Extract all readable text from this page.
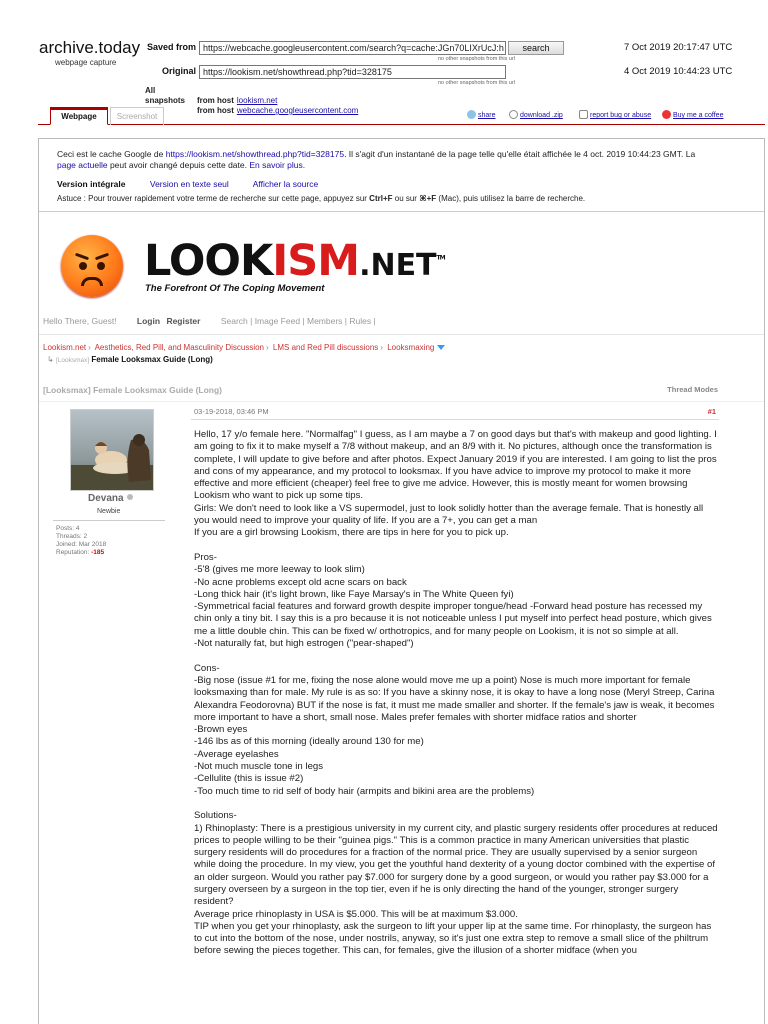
archive.today
webpage capture
Saved from https://webcache.googleusercontent.com/search?q=cache:JGn70LIXrUcJ:h
no other snapshots from this url
search	7 Oct 2019 20:17:47 UTC
Original https://lookism.net/showthread.php?tid=328175
no other snapshots from this url
4 Oct 2019 10:44:23 UTC
All snapshots from host lookism.net
from host webcache.googleusercontent.com
Webpage	Screenshot	share	download .zip	report bug or abuse	Buy me a coffee
Ceci est le cache Google de https://lookism.net/showthread.php?tid=328175. Il s'agit d'un instantané de la page telle qu'elle était affichée le 4 oct. 2019 10:44:23 GMT. La page actuelle peut avoir changé depuis cette date. En savoir plus.
Version intégrale	Version en texte seul	Afficher la source
Astuce : Pour trouver rapidement votre terme de recherche sur cette page, appuyez sur Ctrl+F ou sur ⌘+F (Mac), puis utilisez la barre de recherche.
LOOKISM.NET™
The Forefront Of The Coping Movement
Hello There, Guest! Login Register Search | Image Feed | Members | Rules |
Lookism.net › Aesthetics, Red Pill, and Masculinity Discussion › LMS and Red Pill discussions › Looksmaxing
↳ [Looksmax] Female Looksmax Guide (Long)
[Looksmax] Female Looksmax Guide (Long)	Thread Modes
Devana
Newbie
Posts: 4
Threads: 2
Joined: Mar 2018
Reputation: -185
03-19-2018, 03:46 PM	#1

Hello, 17 y/o female here. "Normalfag" I guess, as I am maybe a 7 on good days but that's with makeup and good lighting. I am going to fix it to make myself a 7/8 without makeup, and an 8/9 with it. No pictures, although once the transformation is complete, I will update to give before and after photos. Expect January 2019 if you are interested. I am going to list the pros and cons of my appearance, and my protocol to looksmax. If you have advice to improve my protocol to make it more effective and more efficient (cheaper) feel free to give me advice. However, this is mostly meant for women browsing Lookism who want to pick up some tips.

Girls: We don't need to look like a VS supermodel, just to look solidly hotter than the average female. That is honestly all you would need to improve your quality of life. If you are a 7+, you can get a man

If you are a girl browsing Lookism, there are tips in here for you to pick up.

Pros-

-5'8 (gives me more leeway to look slim)

-No acne problems except old acne scars on back

-Long thick hair (it's light brown, like Faye Marsay's in The White Queen fyi)

-Symmetrical facial features and forward growth despite improper tongue/head -Forward head posture has recessed my chin only a tiny bit. I say this is a pro because it is not noticeable unless I put myself into perfect head posture, which gives me a little double chin. This can be fixed w/ orthotropics, and for many people on Lookism, it is not so simple at all.

-Not naturally fat, but high estrogen ("pear-shaped")

Cons-

-Big nose (issue #1 for me, fixing the nose alone would move me up a point) Nose is much more important for female looksmaxing than for male. My rule is as so: If you have a skinny nose, it is okay to have a long nose (Meryl Streep, Carina Alexandra Feodorovna) BUT if the nose is fat, it must me made smaller and shorter. If the female's jaw is weak, it becomes more important to have a short, small nose. Males prefer females with shorter midface ratios and shorter

-Brown eyes

-146 lbs as of this morning (ideally around 130 for me)

-Average eyelashes

-Not much muscle tone in legs

-Cellulite (this is issue #2)

-Too much time to rid self of body hair (armpits and bikini area are the problems)

Solutions-

1) Rhinoplasty: There is a prestigious university in my current city, and plastic surgery residents offer procedures at reduced prices to people willing to be their "guinea pigs." This is a common practice in many American universities that plastic surgery residents will do procedures for a fraction of the normal price. They are usually supervised by a senior surgeon while doing the procedure. In my view, you get the youthful hand dexterity of a young doctor combined with the expertise of an older surgeon. Would you rather pay $7.000 for surgery done by a good surgeon, or would you rather pay $3.000 for a surgery overseen by a surgeon in the top tier, even if he is only directing the hand of the younger, stronger surgery resident?

Average price rhinoplasty in USA is $5.000. This will be at maximum $3.000.

TIP when you get your rhinoplasty, ask the surgeon to lift your upper lip at the same time. For rhinoplasty, the surgeon has to cut into the bottom of the nose, under nostrils, anyway, so it's just one extra step to remove a small slice of the philtrum before sewing the pieces together. This can, for females, give the illusion of a shorter midface (when you
